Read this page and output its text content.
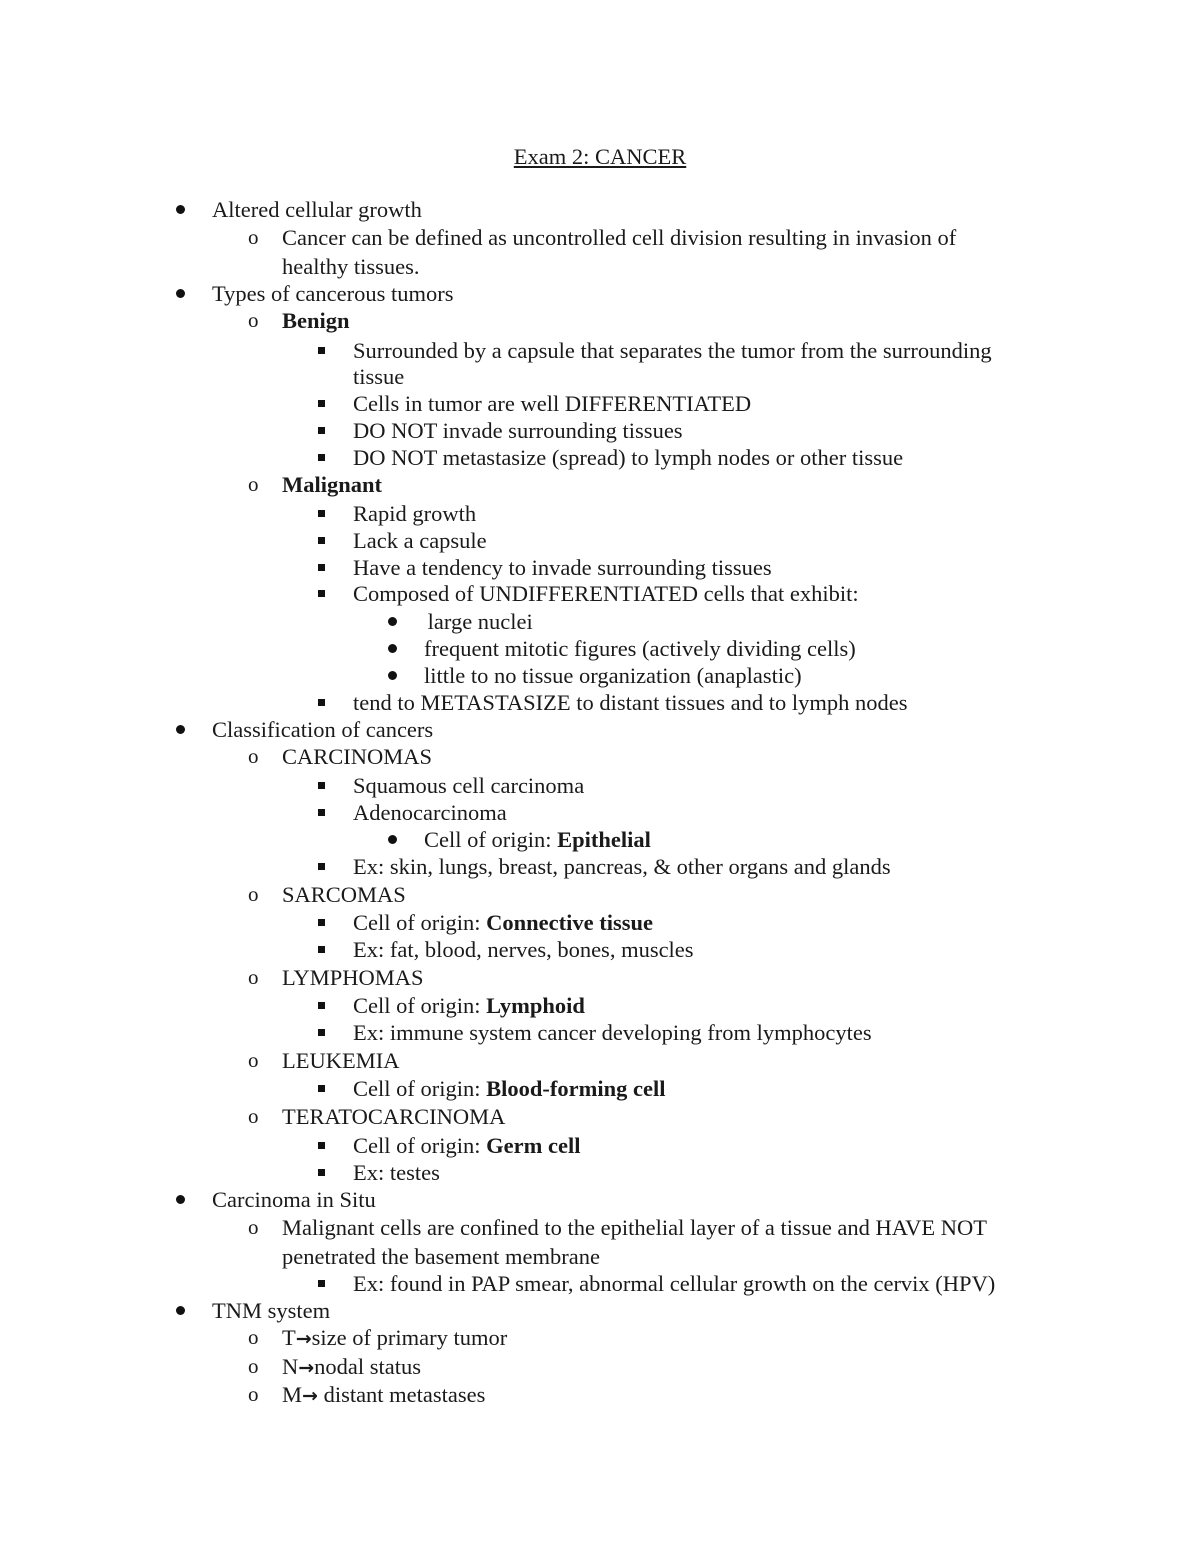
Exam 2: CANCER
Altered cellular growth
o Cancer can be defined as uncontrolled cell division resulting in invasion of
healthy tissues.
Types of cancerous tumors
o Benign
Surrounded by a capsule that separates the tumor from the surrounding
tissue
Cells in tumor are well DIFFERENTIATED
DO NOT invade surrounding tissues
DO NOT metastasize (spread) to lymph nodes or other tissue
o Malignant
Rapid growth
Lack a capsule
Have a tendency to invade surrounding tissues
Composed of UNDIFFERENTIATED cells that exhibit:
large nuclei
frequent mitotic figures (actively dividing cells)
little to no tissue organization (anaplastic)
tend to METASTASIZE to distant tissues and to lymph nodes
Classification of cancers
o CARCINOMAS
Squamous cell carcinoma
Adenocarcinoma
Cell of origin: Epithelial
Ex: skin, lungs, breast, pancreas, & other organs and glands
o SARCOMAS
Cell of origin: Connective tissue
Ex: fat, blood, nerves, bones, muscles
o LYMPHOMAS
Cell of origin: Lymphoid
Ex: immune system cancer developing from lymphocytes
o LEUKEMIA
Cell of origin: Blood-forming cell
o TERATOCARCINOMA
Cell of origin: Germ cell
Ex: testes
Carcinoma in Situ
o Malignant cells are confined to the epithelial layer of a tissue and HAVE NOT
penetrated the basement membrane
Ex: found in PAP smear, abnormal cellular growth on the cervix (HPV)
TNM system
o T→size of primary tumor
o N→nodal status
o M→ distant metastases
